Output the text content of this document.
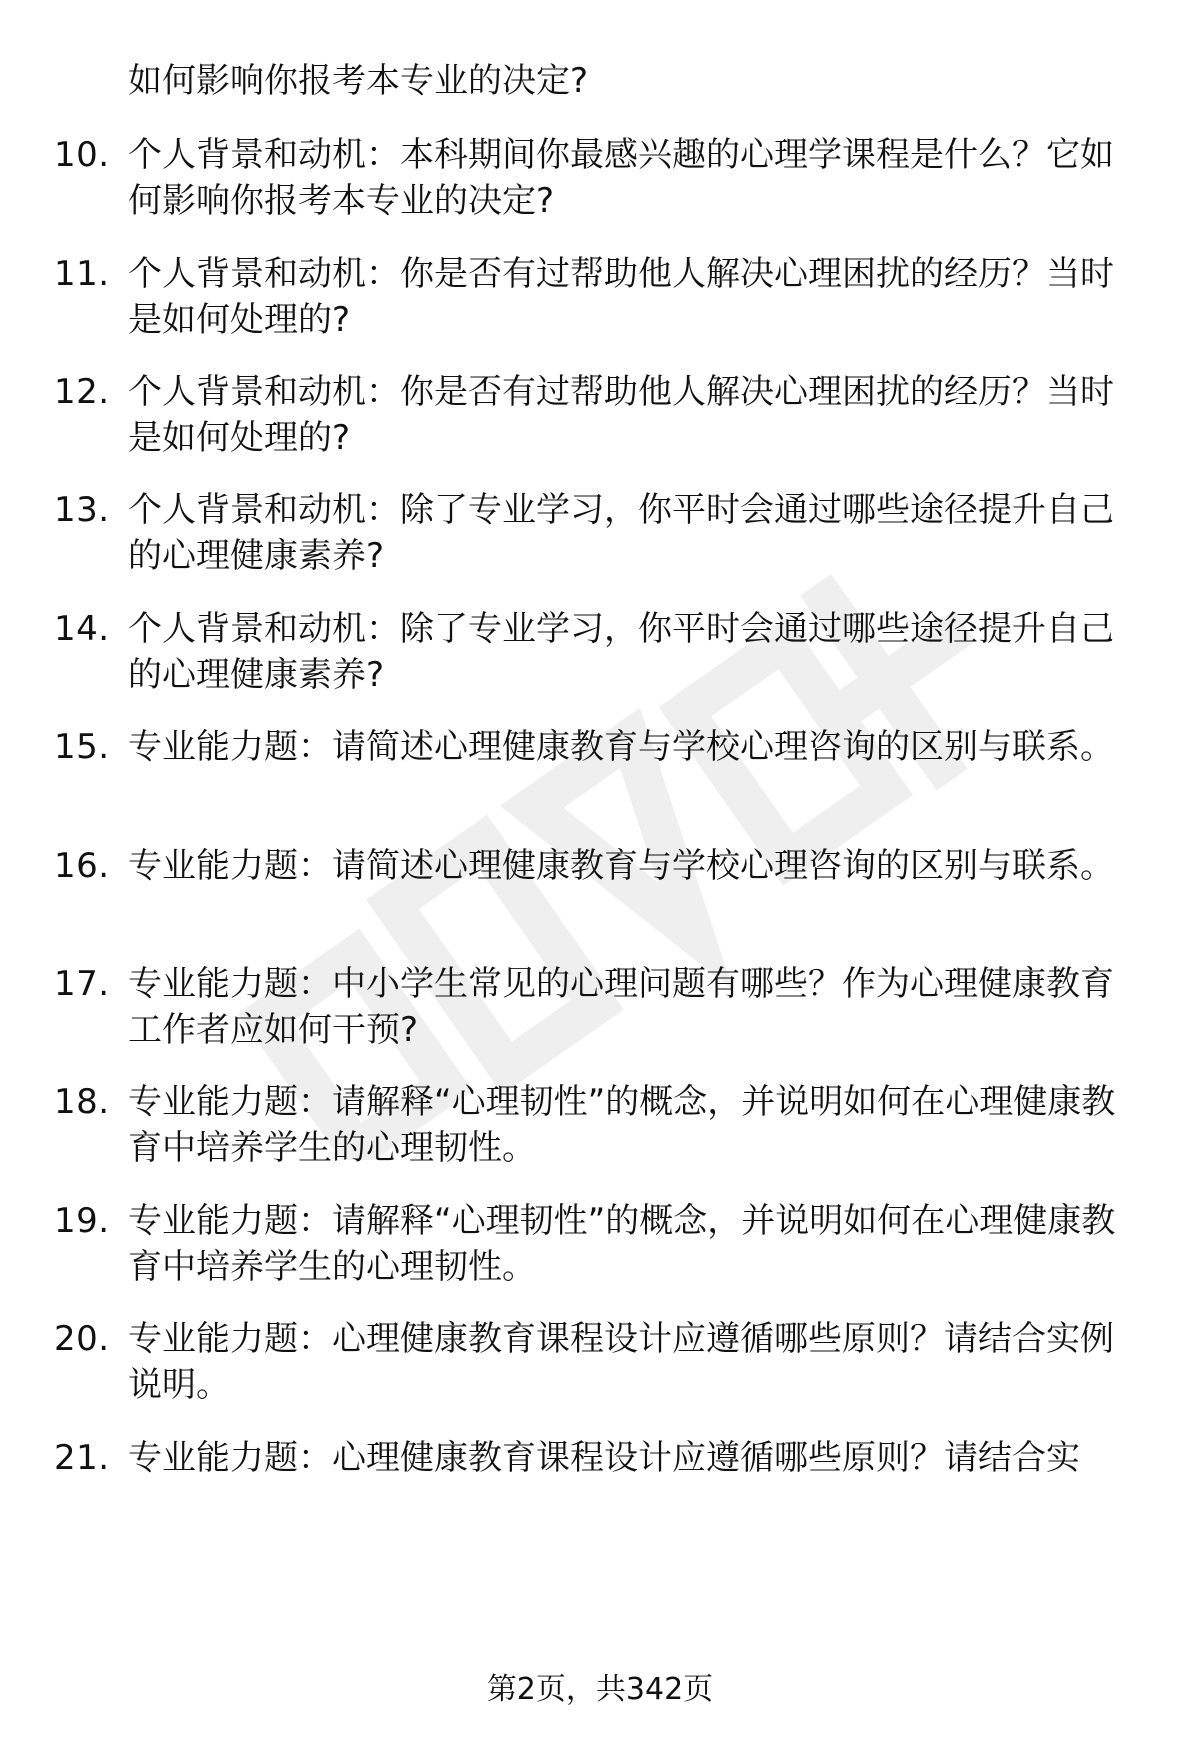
如何影响你报考本专业的决定?
10. 个人背景和动机：本科期间你最感兴趣的心理学课程是什么？它如何影响你报考本专业的决定?
11. 个人背景和动机：你是否有过帮助他人解决心理困扰的经历？当时是如何处理的?
12. 个人背景和动机：你是否有过帮助他人解决心理困扰的经历？当时是如何处理的?
13. 个人背景和动机：除了专业学习，你平时会通过哪些途径提升自己的心理健康素养?
14. 个人背景和动机：除了专业学习，你平时会通过哪些途径提升自己的心理健康素养?
15. 专业能力题：请简述心理健康教育与学校心理咨询的区别与联系。
16. 专业能力题：请简述心理健康教育与学校心理咨询的区别与联系。
17. 专业能力题：中小学生常见的心理问题有哪些？作为心理健康教育工作者应如何干预?
18. 专业能力题：请解释“心理韧性”的概念，并说明如何在心理健康教育中培养学生的心理韧性。
19. 专业能力题：请解释“心理韧性”的概念，并说明如何在心理健康教育中培养学生的心理韧性。
20. 专业能力题：心理健康教育课程设计应遵循哪些原则？请结合实例说明。
21. 专业能力题：心理健康教育课程设计应遵循哪些原则？请结合实
第2页，共342页
